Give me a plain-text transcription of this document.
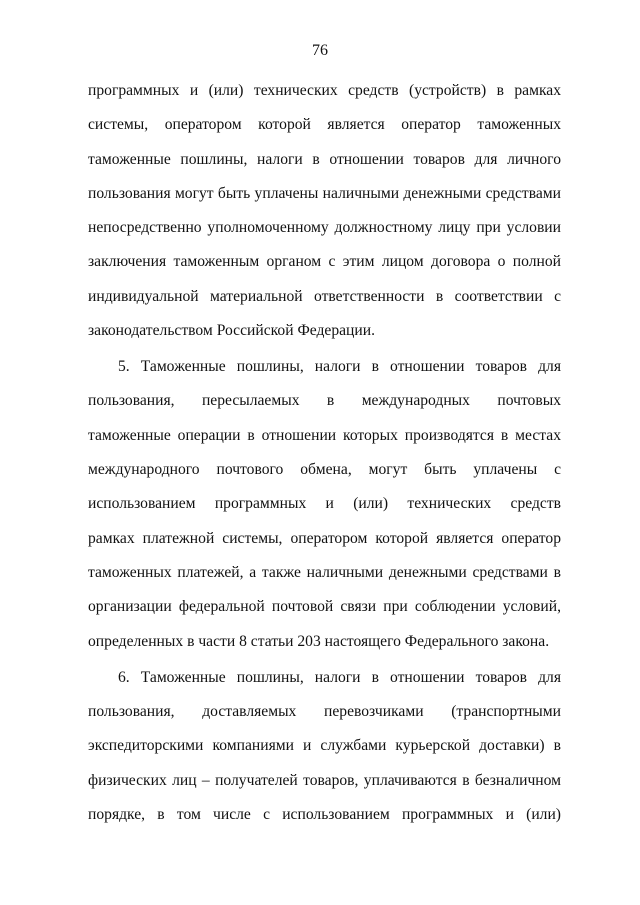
76
программных и (или) технических средств (устройств) в рамках
системы, оператором которой является оператор таможенных
таможенные пошлины, налоги в отношении товаров для личного
пользования могут быть уплачены наличными денежными средствами
непосредственно уполномоченному должностному лицу при условии
заключения таможенным органом с этим лицом договора о полной
индивидуальной материальной ответственности в соответствии с
законодательством Российской Федерации.
5. Таможенные пошлины, налоги в отношении товаров для
пользования, пересылаемых в международных почтовых
таможенные операции в отношении которых производятся в местах
международного почтового обмена, могут быть уплачены с
использованием программных и (или) технических средств
рамках платежной системы, оператором которой является оператор
таможенных платежей, а также наличными денежными средствами в
организации федеральной почтовой связи при соблюдении условий,
определенных в части 8 статьи 203 настоящего Федерального закона.
6. Таможенные пошлины, налоги в отношении товаров для
пользования, доставляемых перевозчиками (транспортными
экспедиторскими компаниями и службами курьерской доставки) в
физических лиц – получателей товаров, уплачиваются в безналичном
порядке, в том числе с использованием программных и (или)
